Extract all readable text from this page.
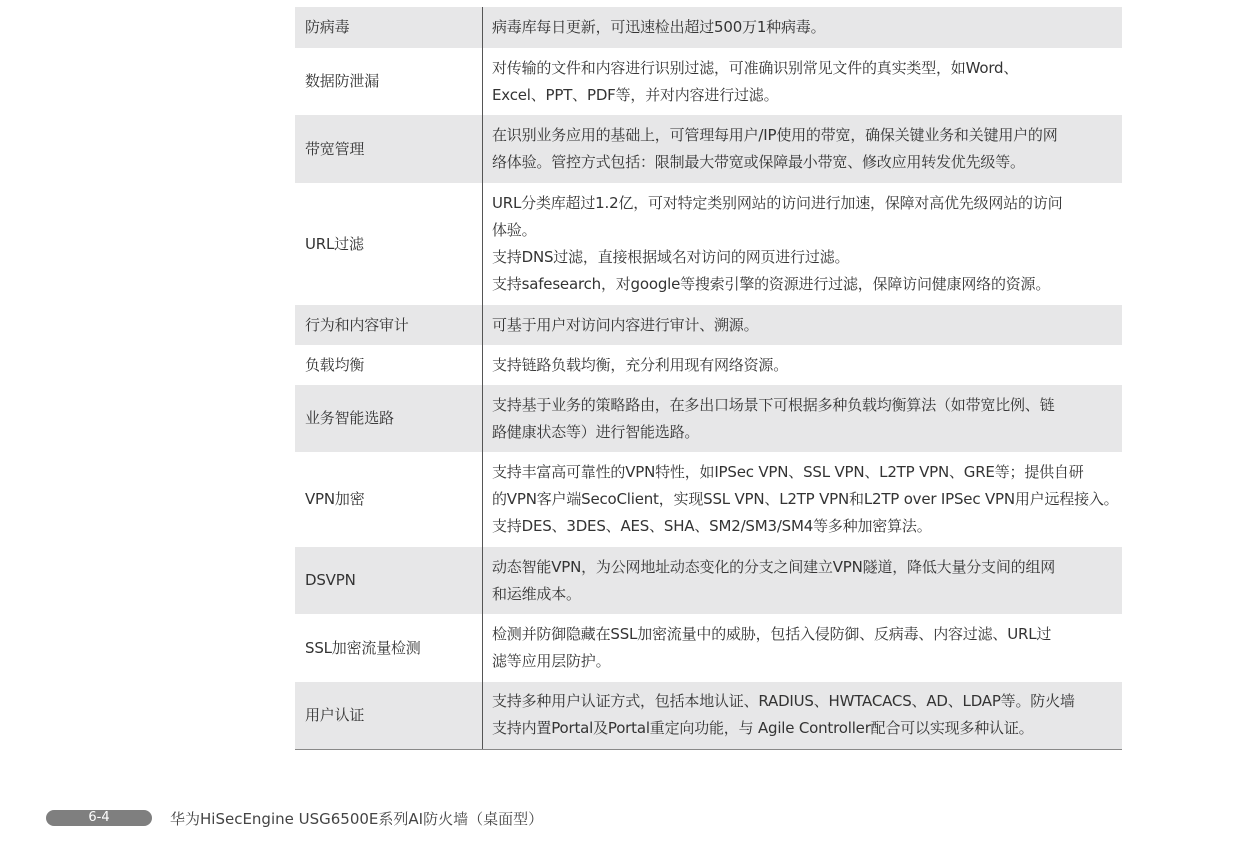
防病毒	病毒库每日更新，可迅速检出超过500万1种病毒。

数据防泄漏	对传输的文件和内容进行识别过滤，可准确识别常见文件的真实类型，如Word、
Excel、PPT、PDF等，并对内容进行过滤。

带宽管理	在识别业务应用的基础上，可管理每用户/IP使用的带宽，确保关键业务和关键用户的网
络体验。管控方式包括：限制最大带宽或保障最小带宽、修改应用转发优先级等。

URL过滤	URL分类库超过1.2亿，可对特定类别网站的访问进行加速，保障对高优先级网站的访问
体验。
支持DNS过滤，直接根据域名对访问的网页进行过滤。
支持safesearch，对google等搜索引擎的资源进行过滤，保障访问健康网络的资源。

行为和内容审计	可基于用户对访问内容进行审计、溯源。

负载均衡	支持链路负载均衡，充分利用现有网络资源。

业务智能选路	支持基于业务的策略路由，在多出口场景下可根据多种负载均衡算法（如带宽比例、链
路健康状态等）进行智能选路。

VPN加密	支持丰富高可靠性的VPN特性，如IPSec VPN、SSL VPN、L2TP VPN、GRE等；提供自研
的VPN客户端SecoClient，实现SSL VPN、L2TP VPN和L2TP over IPSec VPN用户远程接入。
支持DES、3DES、AES、SHA、SM2/SM3/SM4等多种加密算法。

DSVPN	动态智能VPN，为公网地址动态变化的分支之间建立VPN隧道，降低大量分支间的组网
和运维成本。

SSL加密流量检测	检测并防御隐藏在SSL加密流量中的威胁，包括入侵防御、反病毒、内容过滤、URL过
滤等应用层防护。

用户认证	支持多种用户认证方式，包括本地认证、RADIUS、HWTACACS、AD、LDAP等。防火墙
支持内置Portal及Portal重定向功能，与 Agile Controller配合可以实现多种认证。
6-4	华为HiSecEngine USG6500E系列AI防火墙（桌面型）
